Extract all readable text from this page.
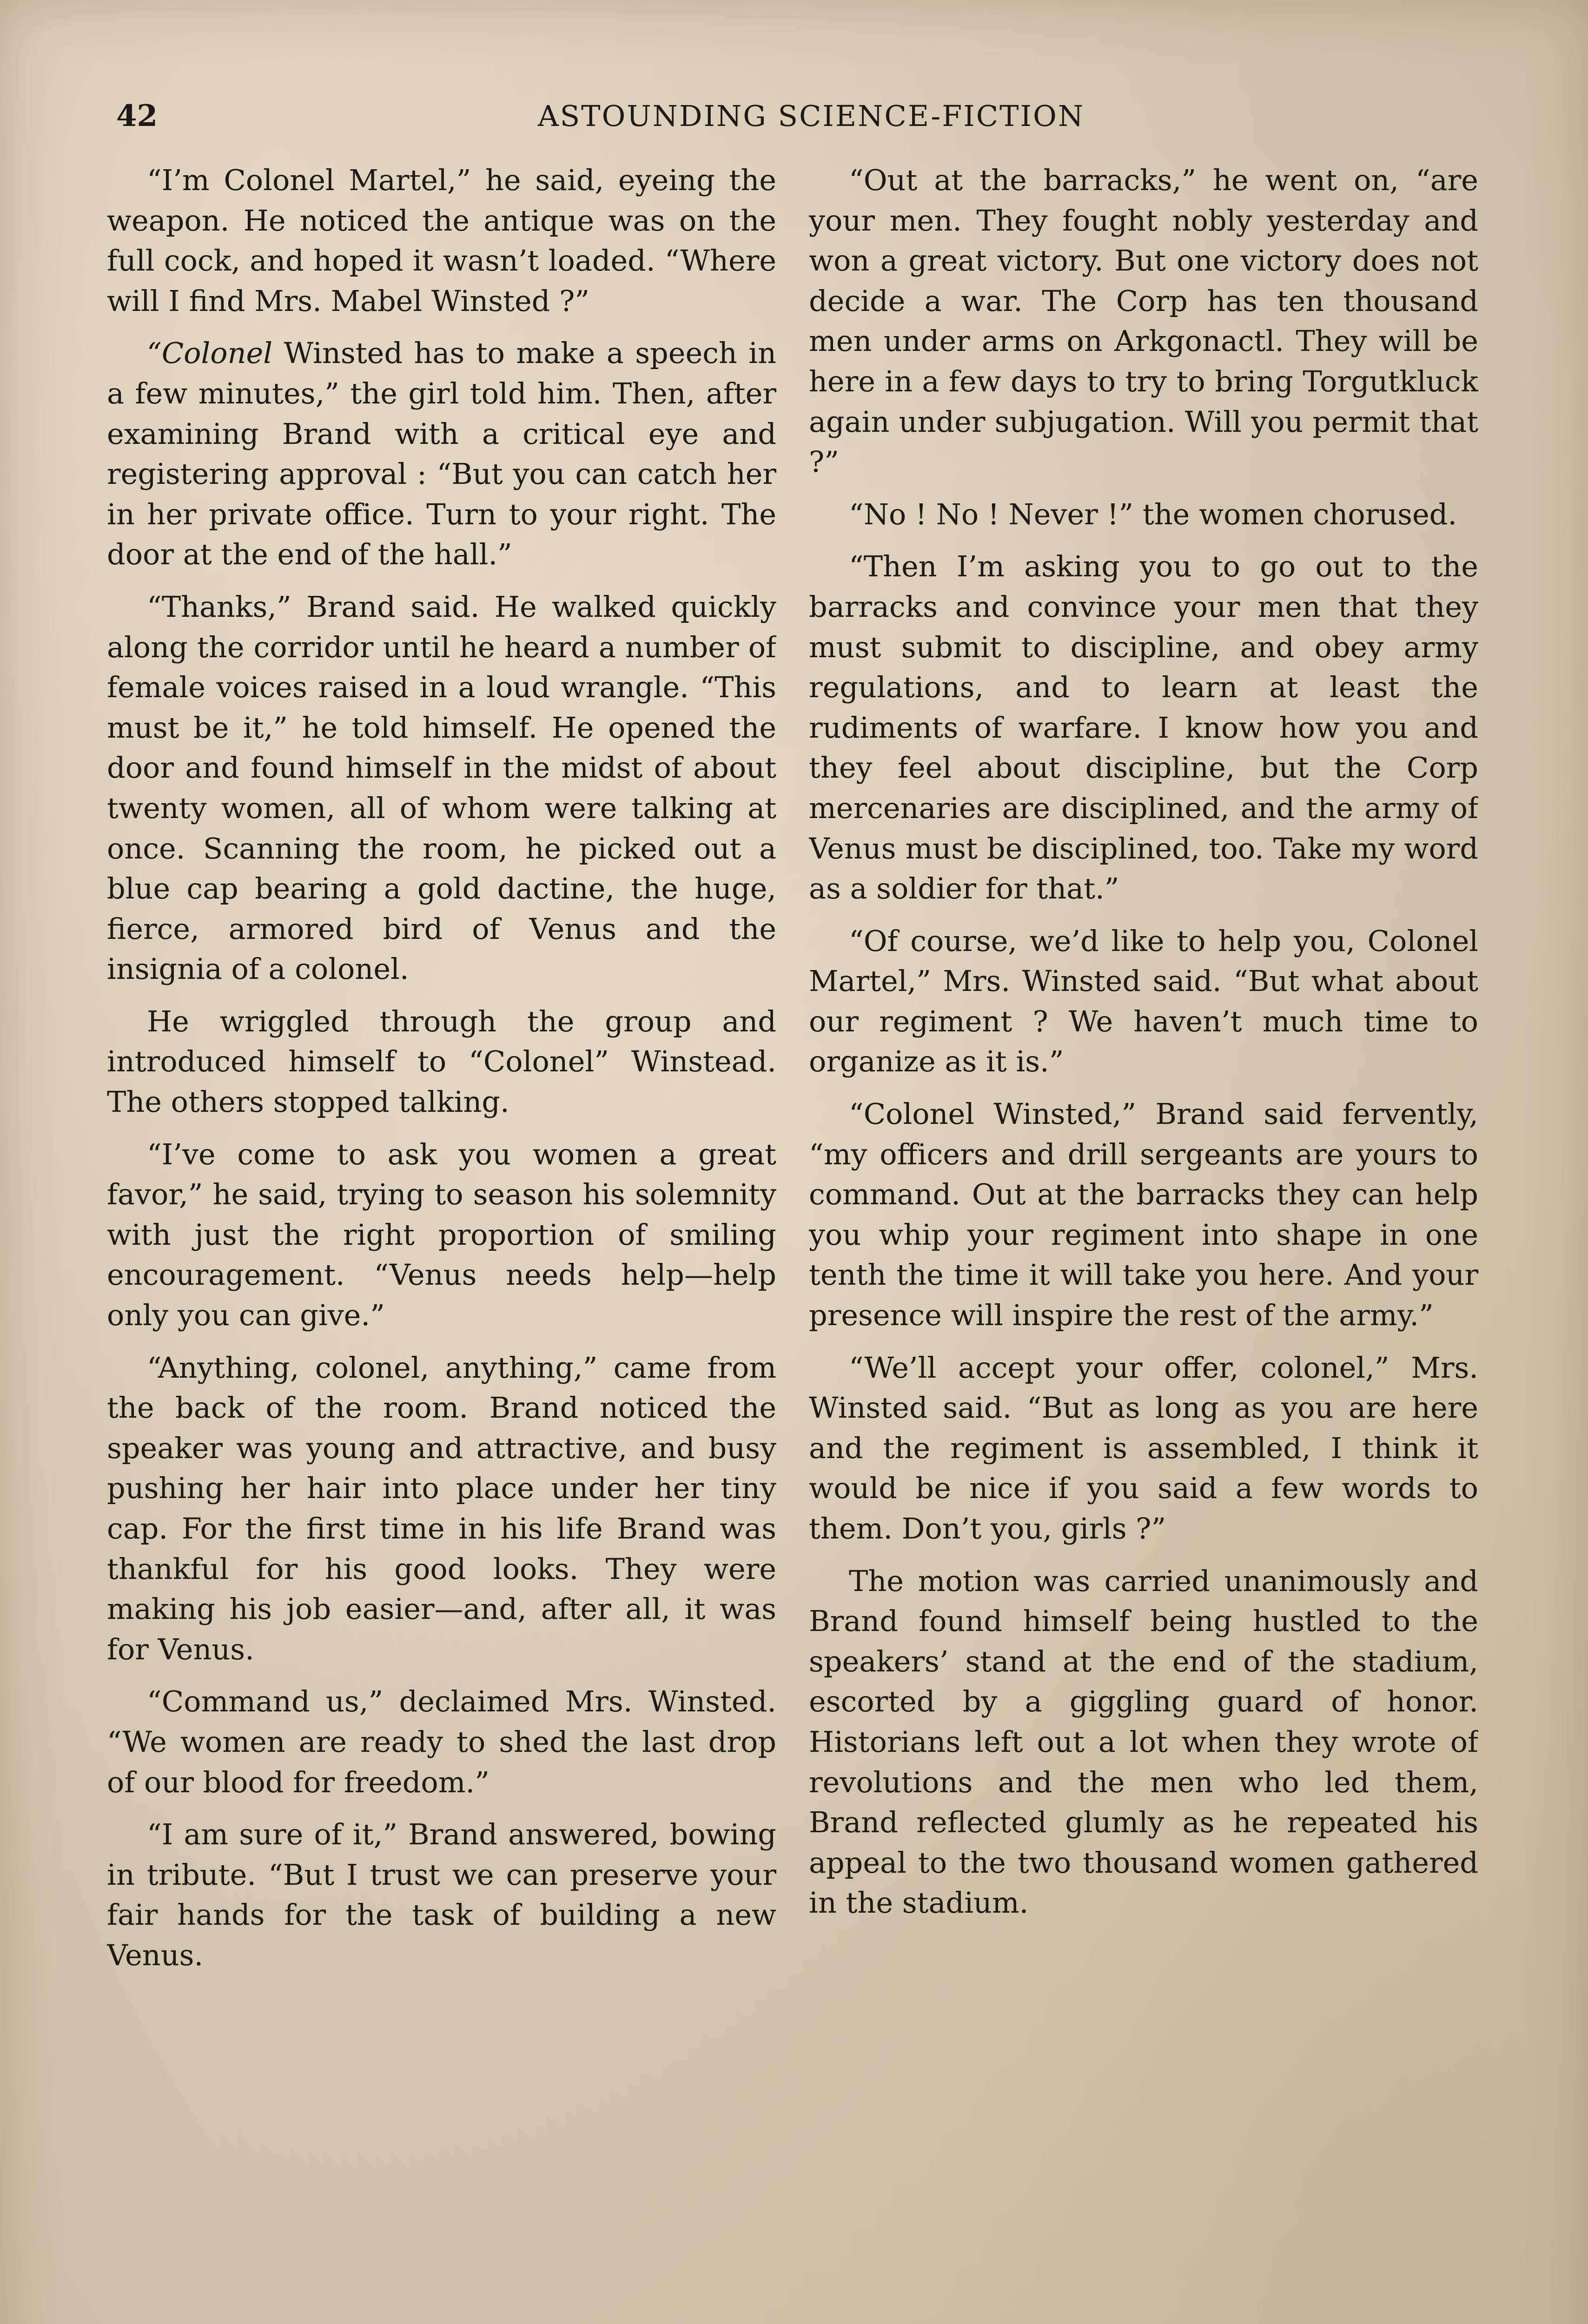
42	ASTOUNDING SCIENCE-FICTION

“I’m Colonel Martel,” he said, eyeing the weapon. He noticed the antique was on the full cock, and hoped it wasn’t loaded. “Where will I find Mrs. Mabel Winsted ?”

“Colonel Winsted has to make a speech in a few minutes,” the girl told him. Then, after examining Brand with a critical eye and registering approval : “But you can catch her in her private office. Turn to your right. The door at the end of the hall.”

“Thanks,” Brand said. He walked quickly along the corridor until he heard a number of female voices raised in a loud wrangle. “This must be it,” he told himself. He opened the door and found himself in the midst of about twenty women, all of whom were talking at once. Scanning the room, he picked out a blue cap bearing a gold dactine, the huge, fierce, armored bird of Venus and the insignia of a colonel.

He wriggled through the group and introduced himself to “Colonel” Winstead. The others stopped talking.

“I’ve come to ask you women a great favor,” he said, trying to season his solemnity with just the right proportion of smiling encouragement. “Venus needs help—help only you can give.”

“Anything, colonel, anything,” came from the back of the room. Brand noticed the speaker was young and attractive, and busy pushing her hair into place under her tiny cap. For the first time in his life Brand was thankful for his good looks. They were making his job easier—and, after all, it was for Venus.

“Command us,” declaimed Mrs. Winsted. “We women are ready to shed the last drop of our blood for freedom.”

“I am sure of it,” Brand answered, bowing in tribute. “But I trust we can preserve your fair hands for the task of building a new Venus.

“Out at the barracks,” he went on, “are your men. They fought nobly yesterday and won a great victory. But one victory does not decide a war. The Corp has ten thousand men under arms on Arkgonactl. They will be here in a few days to try to bring Torgutkluck again under subjugation. Will you permit that ?”

“No ! No ! Never !” the women chorused.

“Then I’m asking you to go out to the barracks and convince your men that they must submit to discipline, and obey army regulations, and to learn at least the rudiments of warfare. I know how you and they feel about discipline, but the Corp mercenaries are disciplined, and the army of Venus must be disciplined, too. Take my word as a soldier for that.”

“Of course, we’d like to help you, Colonel Martel,” Mrs. Winsted said. “But what about our regiment ? We haven’t much time to organize as it is.”

“Colonel Winsted,” Brand said fervently, “my officers and drill sergeants are yours to command. Out at the barracks they can help you whip your regiment into shape in one tenth the time it will take you here. And your presence will inspire the rest of the army.”

“We’ll accept your offer, colonel,” Mrs. Winsted said. “But as long as you are here and the regiment is assembled, I think it would be nice if you said a few words to them. Don’t you, girls ?”

The motion was carried unanimously and Brand found himself being hustled to the speakers’ stand at the end of the stadium, escorted by a giggling guard of honor. Historians left out a lot when they wrote of revolutions and the men who led them, Brand reflected glumly as he repeated his appeal to the two thousand women gathered in the stadium.
